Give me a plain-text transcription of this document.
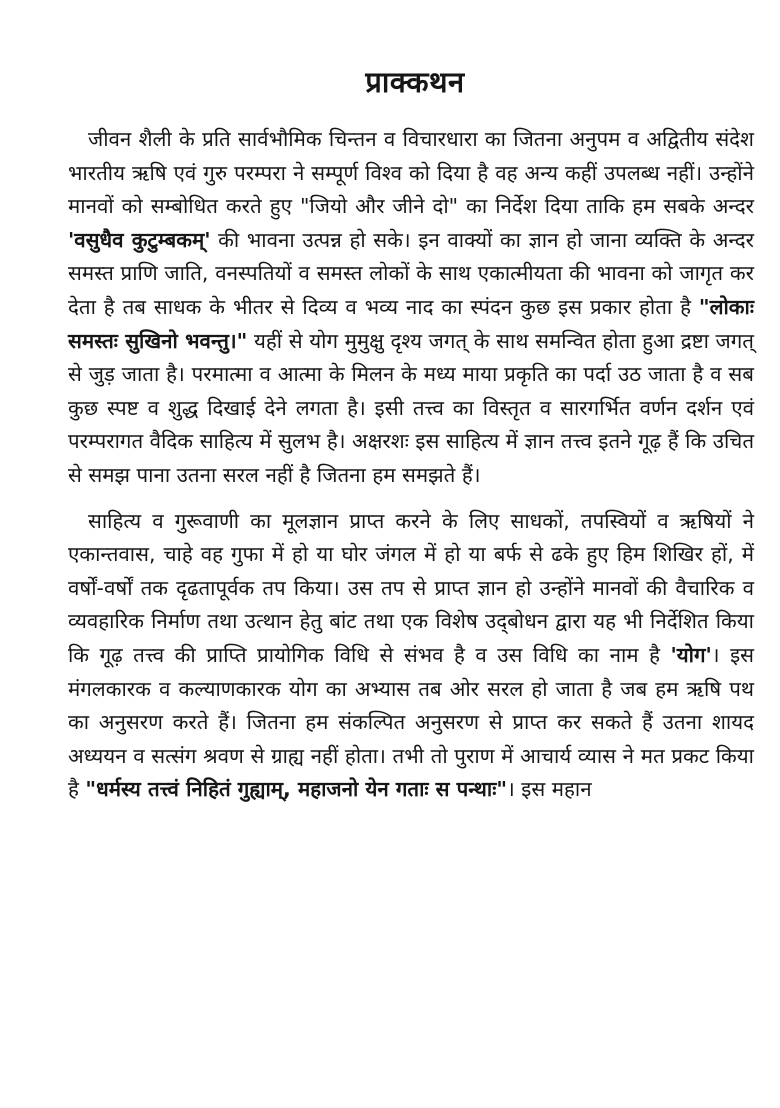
प्राक्कथन

जीवन शैली के प्रति सार्वभौमिक चिन्तन व विचारधारा का जितना अनुपम व अद्वितीय संदेश भारतीय ऋषि एवं गुरु परम्परा ने सम्पूर्ण विश्व को दिया है वह अन्य कहीं उपलब्ध नहीं। उन्होंने मानवों को सम्बोधित करते हुए "जियो और जीने दो" का निर्देश दिया ताकि हम सबके अन्दर 'वसुधैव कुटुम्बकम्' की भावना उत्पन्न हो सके। इन वाक्यों का ज्ञान हो जाना व्यक्ति के अन्दर समस्त प्राणि जाति, वनस्पतियों व समस्त लोकों के साथ एकात्मीयता की भावना को जागृत कर देता है तब साधक के भीतर से दिव्य व भव्य नाद का स्पंदन कुछ इस प्रकार होता है "लोकाः समस्तः सुखिनो भवन्तु।" यहीं से योग मुमुक्षु दृश्य जगत् के साथ समन्वित होता हुआ द्रष्टा जगत् से जुड़ जाता है। परमात्मा व आत्मा के मिलन के मध्य माया प्रकृति का पर्दा उठ जाता है व सब कुछ स्पष्ट व शुद्ध दिखाई देने लगता है। इसी तत्त्व का विस्तृत व सारगर्भित वर्णन दर्शन एवं परम्परागत वैदिक साहित्य में सुलभ है। अक्षरशः इस साहित्य में ज्ञान तत्त्व इतने गूढ़ हैं कि उचित से समझ पाना उतना सरल नहीं है जितना हम समझते हैं।

साहित्य व गुरूवाणी का मूलज्ञान प्राप्त करने के लिए साधकों, तपस्वियों व ऋषियों ने एकान्तवास, चाहे वह गुफा में हो या घोर जंगल में हो या बर्फ से ढके हुए हिम शिखिर हों, में वर्षों-वर्षों तक दृढतापूर्वक तप किया। उस तप से प्राप्त ज्ञान हो उन्होंने मानवों की वैचारिक व व्यवहारिक निर्माण तथा उत्थान हेतु बांट तथा एक विशेष उद्‌बोधन द्वारा यह भी निर्देशित किया कि गूढ़ तत्त्व की प्राप्ति प्रायोगिक विधि से संभव है व उस विधि का नाम है 'योग'। इस मंगलकारक व कल्याणकारक योग का अभ्यास तब ओर सरल हो जाता है जब हम ऋषि पथ का अनुसरण करते हैं। जितना हम संकल्पित अनुसरण से प्राप्त कर सकते हैं उतना शायद अध्ययन व सत्संग श्रवण से ग्राह्य नहीं होता। तभी तो पुराण में आचार्य व्यास ने मत प्रकट किया है "धर्मस्य तत्त्वं निहितं गुह्याम्, महाजनो येन गताः स पन्थाः"। इस महान
